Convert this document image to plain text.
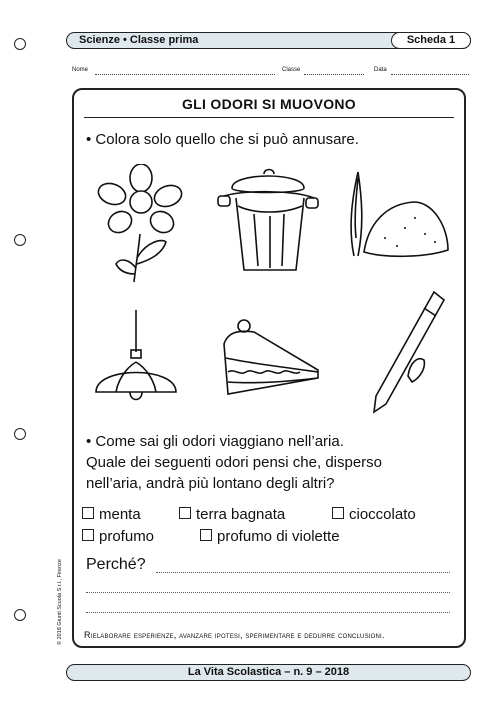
Scienze • Classe prima	Scheda 1
Nome	Classe	Data
GLI ODORI SI MUOVONO
• Colora solo quello che si può annusare.
• Come sai gli odori viaggiano nell’aria.
Quale dei seguenti odori pensi che, disperso
nell’aria, andrà più lontano degli altri?
menta	terra bagnata	cioccolato
profumo	profumo di violette
Perché?
Rielaborare esperienze, avanzare ipotesi, sperimentare e dedurre conclusioni.
© 2018 Giunti Scuola S.r.l., Firenze
La Vita Scolastica – n. 9 – 2018
